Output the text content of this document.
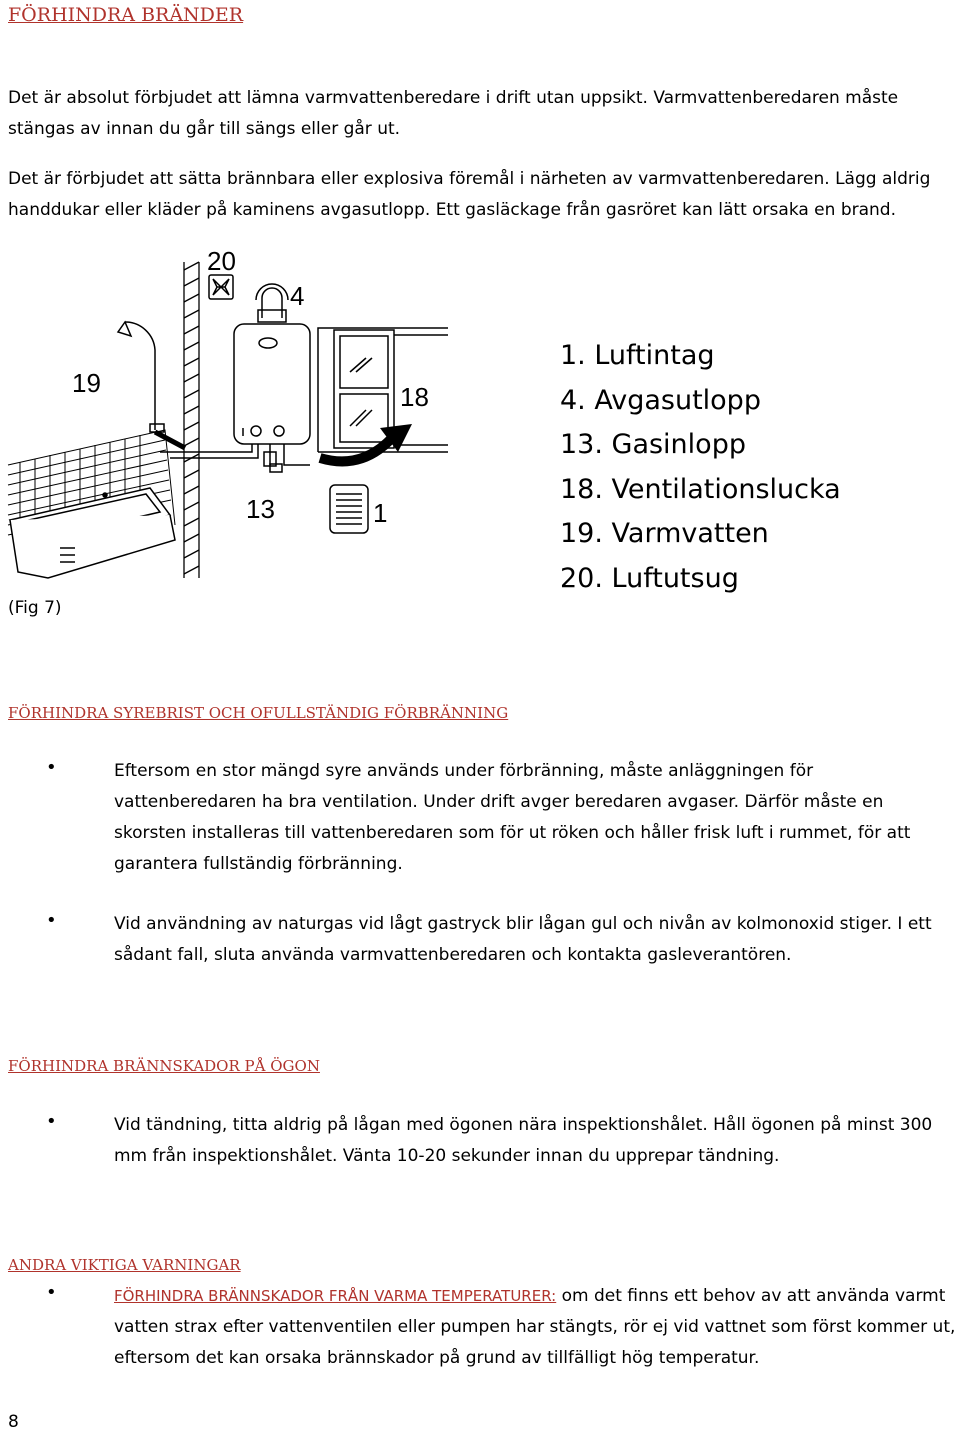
FÖRHINDRA BRÄNDER
Det är absolut förbjudet att lämna varmvattenberedare i drift utan uppsikt. Varmvattenberedaren måste stängas av innan du går till sängs eller går ut.
Det är förbjudet att sätta brännbara eller explosiva föremål i närheten av varmvattenberedaren. Lägg aldrig handdukar eller kläder på kaminens avgasutlopp. Ett gasläckage från gasröret kan lätt orsaka en brand.
20
4
19
13	1
18
1. Luftintag
4. Avgasutlopp
13. Gasinlopp
18. Ventilationslucka
19. Varmvatten
20. Luftutsug
(Fig 7)
FÖRHINDRA SYREBRIST OCH OFULLSTÄNDIG FÖRBRÄNNING
•	Eftersom en stor mängd syre används under förbränning, måste anläggningen för vattenberedaren ha bra ventilation. Under drift avger beredaren avgaser. Därför måste en skorsten installeras till vattenberedaren som för ut röken och håller frisk luft i rummet, för att garantera fullständig förbränning.
•	Vid användning av naturgas vid lågt gastryck blir lågan gul och nivån av kolmonoxid stiger. I ett sådant fall, sluta använda varmvattenberedaren och kontakta gasleverantören.
FÖRHINDRA BRÄNNSKADOR PÅ ÖGON
•	Vid tändning, titta aldrig på lågan med ögonen nära inspektionshålet. Håll ögonen på minst 300 mm från inspektionshålet. Vänta 10-20 sekunder innan du upprepar tändning.
ANDRA VIKTIGA VARNINGAR
•	FÖRHINDRA BRÄNNSKADOR FRÅN VARMA TEMPERATURER: om det finns ett behov av att använda varmt vatten strax efter vattenventilen eller pumpen har stängts, rör ej vid vattnet som först kommer ut, eftersom det kan orsaka brännskador på grund av tillfälligt hög temperatur.
8
